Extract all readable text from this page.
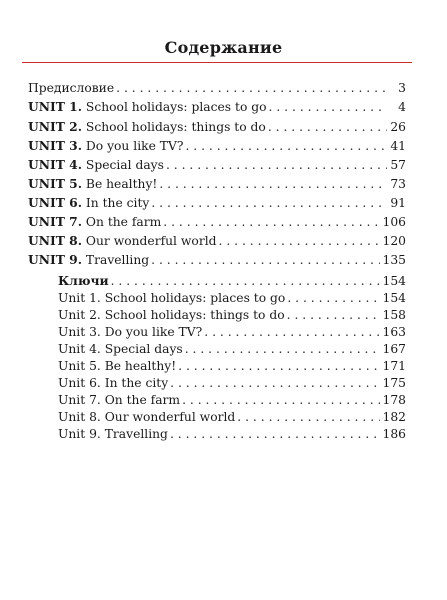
Содержание
Предисловие . . .	3
UNIT 1. School holidays: places to go . . .	4
UNIT 2. School holidays: things to do . . .	26
UNIT 3. Do you like TV? . . .	41
UNIT 4. Special days . . .	57
UNIT 5. Be healthy! . . .	73
UNIT 6. In the city . . .	91
UNIT 7. On the farm . . .	106
UNIT 8. Our wonderful world . . .	120
UNIT 9. Travelling . . .	135
Ключи . . .	154
Unit 1. School holidays: places to go . . .	154
Unit 2. School holidays: things to do . . .	158
Unit 3. Do you like TV? . . .	163
Unit 4. Special days . . .	167
Unit 5. Be healthy! . . .	171
Unit 6. In the city . . .	175
Unit 7. On the farm . . .	178
Unit 8. Our wonderful world . . .	182
Unit 9. Travelling . . .	186
